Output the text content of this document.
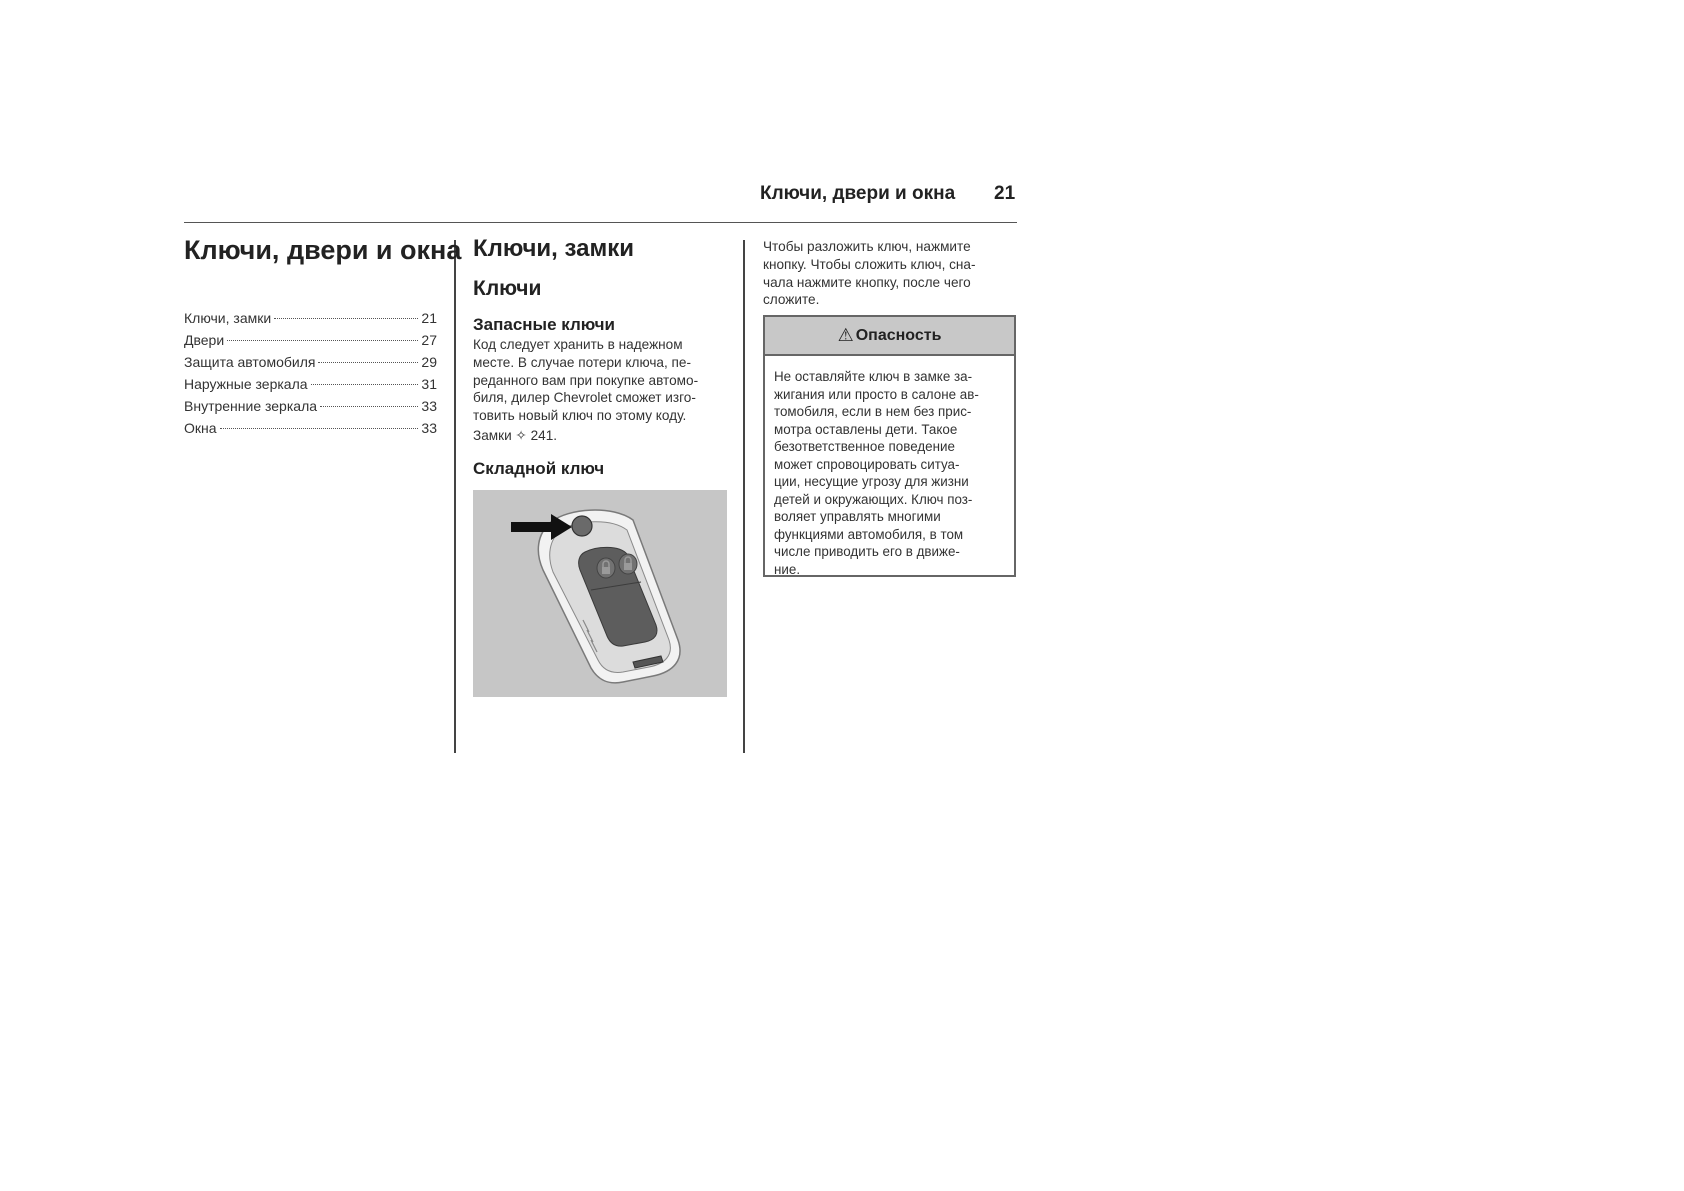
Ключи, двери и окна 21
Ключи, двери и окна
Ключи, замки	21
Двери	27
Защита автомобиля	29
Наружные зеркала	31
Внутренние зеркала	33
Окна	33
Ключи, замки
Ключи
Запасные ключи
Код следует хранить в надежном
месте. В случае потери ключа, пе-
реданного вам при покупке автомо-
биля, дилер Chevrolet сможет изго-
товить новый ключ по этому коду.
Замки ✧ 241.
Складной ключ
Чтобы разложить ключ, нажмите
кнопку. Чтобы сложить ключ, сна-
чала нажмите кнопку, после чего
сложите.
⚠ Опасность
Не оставляйте ключ в замке за-
жигания или просто в салоне ав-
томобиля, если в нем без прис-
мотра оставлены дети. Такое
безответственное поведение
может спровоцировать ситуа-
ции, несущие угрозу для жизни
детей и окружающих. Ключ поз-
воляет управлять многими
функциями автомобиля, в том
числе приводить его в движе-
ние.
